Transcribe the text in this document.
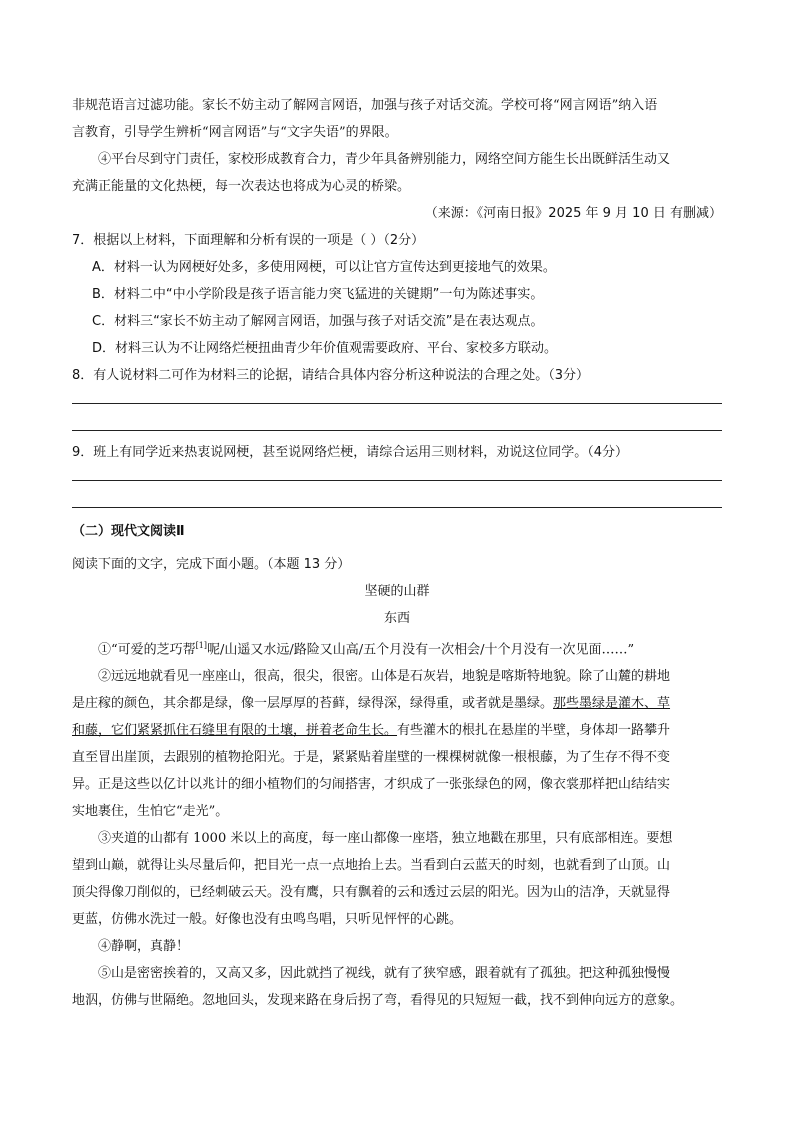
非规范语言过滤功能。家长不妨主动了解网言网语，加强与孩子对话交流。学校可将“网言网语”纳入语
言教育，引导学生辨析“网言网语”与“文字失语”的界限。

④平台尽到守门责任，家校形成教育合力，青少年具备辨别能力，网络空间方能生长出既鲜活生动又
充满正能量的文化热梗，每一次表达也将成为心灵的桥梁。

（来源：《河南日报》2025 年 9 月 10 日 有删减）
7．根据以上材料，下面理解和分析有误的一项是（ ）（2分）
A．材料一认为网梗好处多，多使用网梗，可以让官方宣传达到更接地气的效果。
B．材料二中“中小学阶段是孩子语言能力突飞猛进的关键期”一句为陈述事实。
C．材料三“家长不妨主动了解网言网语，加强与孩子对话交流”是在表达观点。
D．材料三认为不让网络烂梗扭曲青少年价值观需要政府、平台、家校多方联动。
8．有人说材料二可作为材料三的论据，请结合具体内容分析这种说法的合理之处。（3分）
9．班上有同学近来热衷说网梗，甚至说网络烂梗，请综合运用三则材料，劝说这位同学。（4分）
（二）现代文阅读Ⅱ
阅读下面的文字，完成下面小题。（本题 13 分）
坚硬的山群
东西

①“可爱的芝巧帮[1]呢/山遥又水远/路险又山高/五个月没有一次相会/十个月没有一次见面……”

②远远地就看见一座座山，很高，很尖，很密。山体是石灰岩，地貌是喀斯特地貌。除了山麓的耕地
是庄稼的颜色，其余都是绿，像一层厚厚的苔藓，绿得深，绿得重，或者就是墨绿。那些墨绿是灌木、草
和藤，它们紧紧抓住石缝里有限的土壤，拼着老命生长。有些灌木的根扎在悬崖的半壁，身体却一路攀升
直至冒出崖顶，去跟别的植物抢阳光。于是，紧紧贴着崖壁的一棵棵树就像一根根藤，为了生存不得不变
异。正是这些以亿计以兆计的细小植物们的匀闹搭害，才织成了一张张绿色的网，像衣裳那样把山结结实
实地裹住，生怕它“走光”。

③夹道的山都有 1000 米以上的高度，每一座山都像一座塔，独立地戳在那里，只有底部相连。要想
望到山巅，就得让头尽量后仰，把目光一点一点地抬上去。当看到白云蓝天的时刻，也就看到了山顶。山
顶尖得像刀削似的，已经刺破云天。没有鹰，只有飘着的云和透过云层的阳光。因为山的洁净，天就显得
更蓝，仿佛水洗过一般。好像也没有虫鸣鸟唱，只听见怦怦的心跳。

④静啊，真静！

⑤山是密密挨着的，又高又多，因此就挡了视线，就有了狭窄感，跟着就有了孤独。把这种孤独慢慢
地泅，仿佛与世隔绝。忽地回头，发现来路在身后拐了弯，看得见的只短短一截，找不到伸向远方的意象。
